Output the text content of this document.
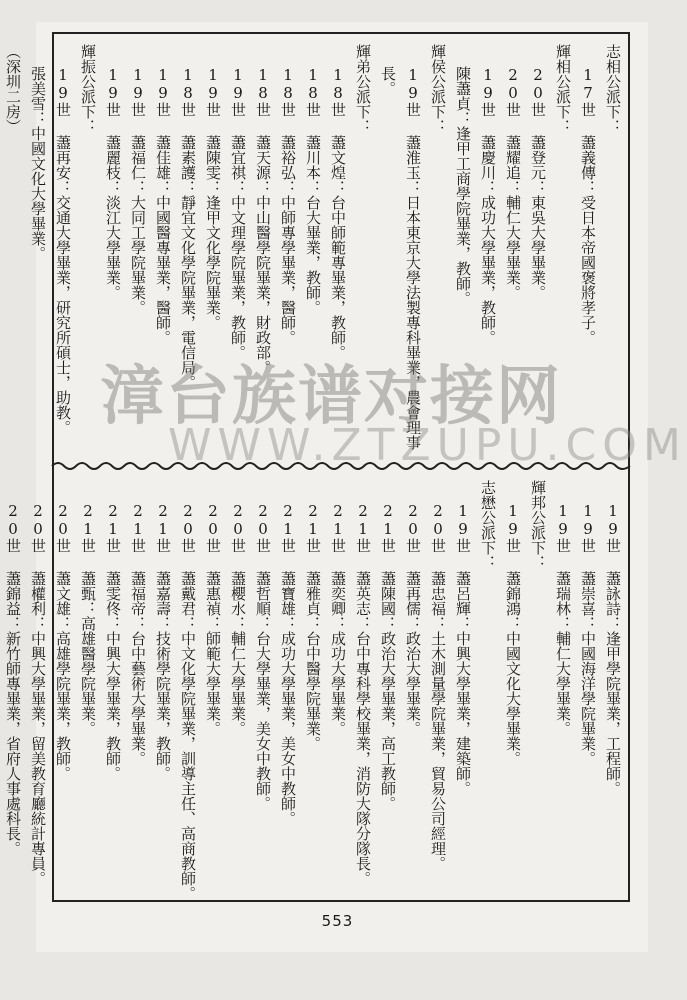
志相公派下：
17世 藎義傳：受日本帝國褒將孝子。
輝相公派下：
20世 藎登元：東吳大學畢業。
20世 藎耀追：輔仁大學畢業。
19世 藎慶川：成功大學畢業，教師。
陳藎貞：逢甲工商學院畢業，教師。
輝侯公派下：
19世 藎淮玉：日本東京大學法製專科畢業，農會理事
長。
輝弟公派下：
18世 藎文煌：台中師範專畢業，教師。
18世 藎川本：台大畢業，教師。
18世 藎裕弘：中師專學畢業，醫師。
18世 藎天源：中山醫學院畢業，財政部。
19世 藎宜祺：中文理學院畢業，教師。
19世 藎陳雯：逢甲文化學院畢業。
18世 藎素護：靜宜文化學院畢業，電信局。
19世 藎佳雄：中國醫專畢業，醫師。
19世 藎福仁：大同工學院畢業。
19世 藎麗枝：淡江大學畢業。
輝振公派下：
19世 藎再安：交通大學畢業，研究所碩士，助教。
張美雪：中國文化大學畢業。
（深圳二房）
19世 藎詠詩：逢甲學院畢業，工程師。
19世 藎崇喜：中國海洋學院畢業。
19世 藎瑞林：輔仁大學畢業。
輝邦公派下：
19世 藎錦鴻：中國文化大學畢業。
志懋公派下：
19世 藎呂輝：中興大學畢業，建築師。
20世 藎忠福：土木測量學院畢業，貿易公司經理。
20世 藎再儒：政治大學畢業。
21世 藎陳國：政治大學畢業，高工教師。
21世 藎英志：台中專科學校畢業，消防大隊分隊長。
21世 藎奕卿：成功大學畢業。
21世 藎雅貞：台中醫學院畢業。
21世 藎寶雄：成功大學畢業，美女中教師。
20世 藎哲順：台大學畢業，美女中教師。
20世 藎櫻水：輔仁大學畢業。
20世 藎惠禎：師範大學畢業。
20世 藎戴君：中文化學院畢業，訓導主任、高商教師。
21世 藎嘉壽：技術學院畢業，教師。
21世 藎福帝：台中藝術大學畢業。
21世 藎雯佟：中興大學畢業，教師。
21世 藎甄：高雄醫學院畢業。
20世 藎文雄：高雄學院畢業，教師。
20世 藎權利：中興大學畢業，留美教育廳統計專員。
20世 藎錦益：新竹師專畢業，省府人事處科長。
553
漳台族谱对接网
WWW.ZTZUPU.COM
